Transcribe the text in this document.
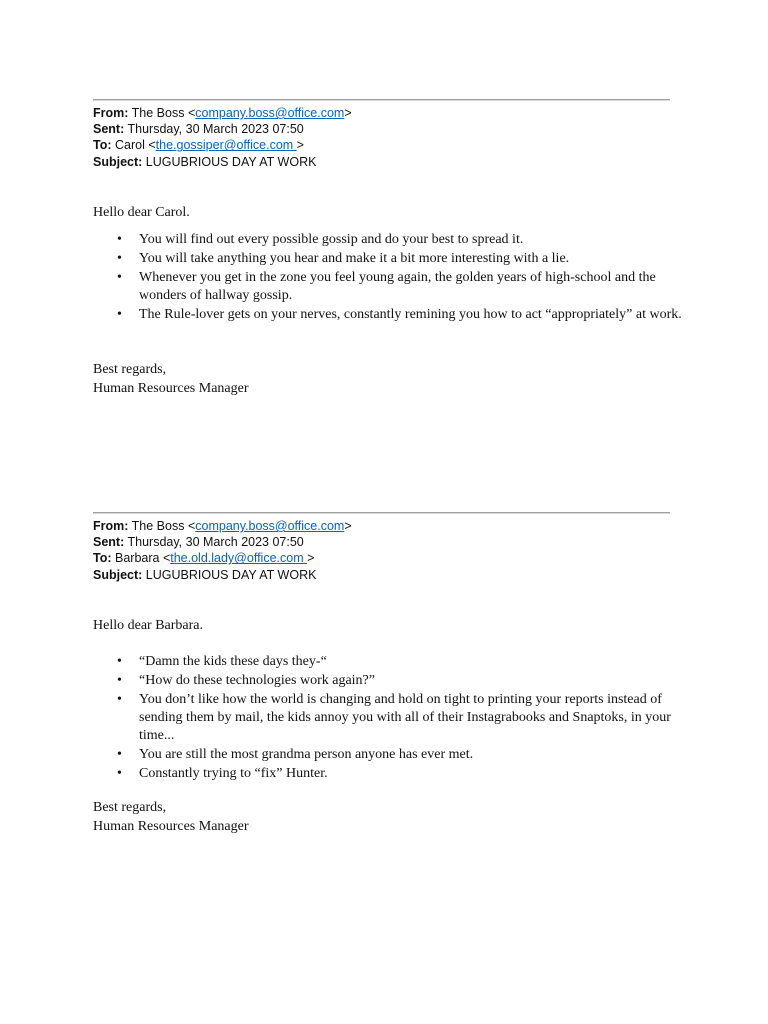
From: The Boss <company.boss@office.com>
Sent: Thursday, 30 March 2023 07:50
To: Carol <the.gossiper@office.com >
Subject: LUGUBRIOUS DAY AT WORK
Hello dear Carol.
• You will find out every possible gossip and do your best to spread it.
• You will take anything you hear and make it a bit more interesting with a lie.
• Whenever you get in the zone you feel young again, the golden years of high-school and the wonders of hallway gossip.
• The Rule-lover gets on your nerves, constantly remining you how to act “appropriately” at work.
Best regards,
Human Resources Manager
From: The Boss <company.boss@office.com>
Sent: Thursday, 30 March 2023 07:50
To: Barbara <the.old.lady@office.com >
Subject: LUGUBRIOUS DAY AT WORK
Hello dear Barbara.
• “Damn the kids these days they-“
• “How do these technologies work again?”
• You don’t like how the world is changing and hold on tight to printing your reports instead of sending them by mail, the kids annoy you with all of their Instagrabooks and Snaptoks, in your time...
• You are still the most grandma person anyone has ever met.
• Constantly trying to “fix” Hunter.
Best regards,
Human Resources Manager
